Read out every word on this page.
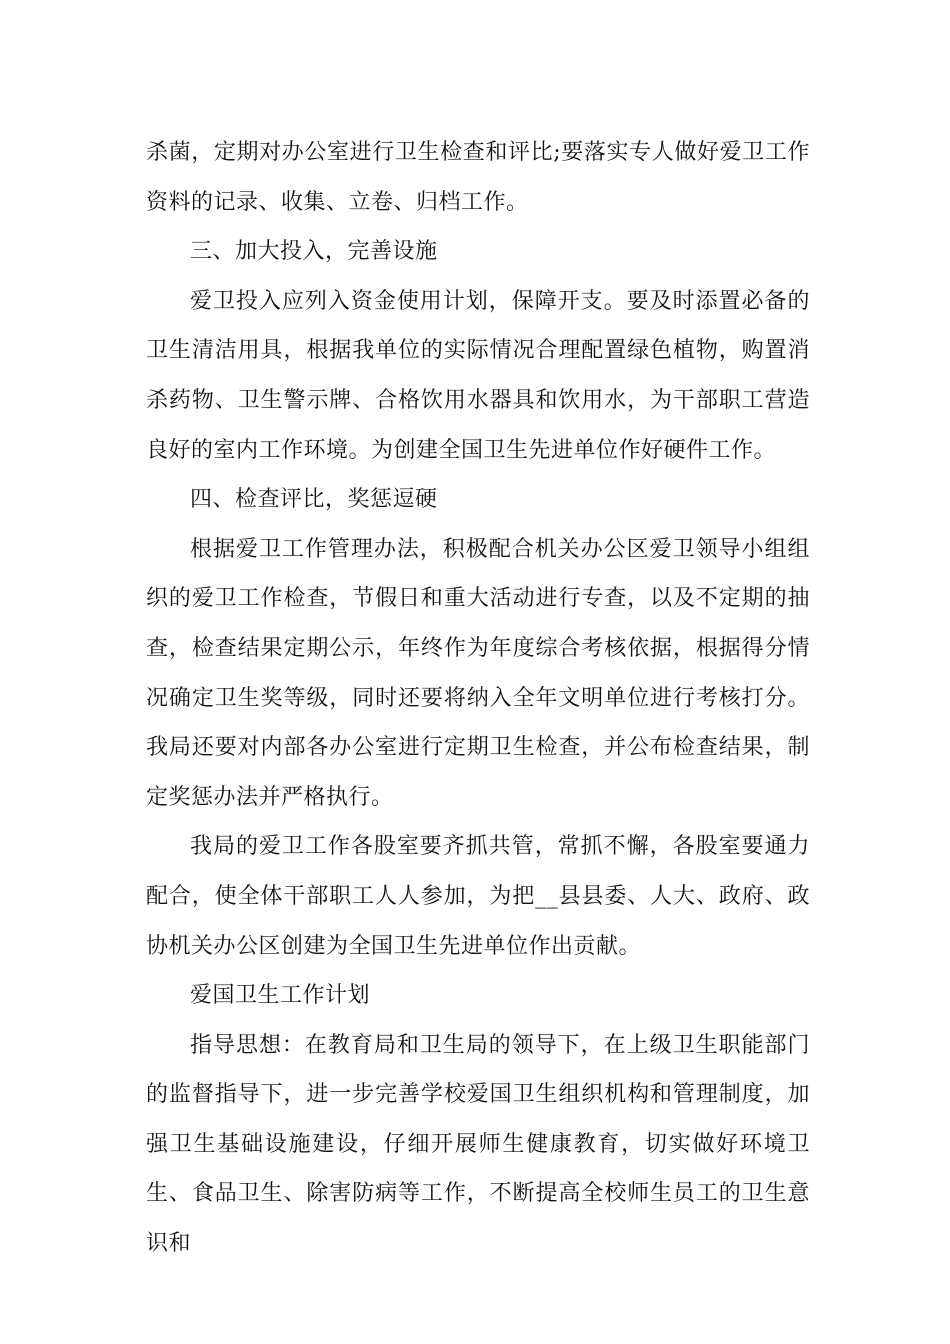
杀菌，定期对办公室进行卫生检查和评比;要落实专人做好爱卫工作资料的记录、收集、立卷、归档工作。

三、加大投入，完善设施

爱卫投入应列入资金使用计划，保障开支。要及时添置必备的卫生清洁用具，根据我单位的实际情况合理配置绿色植物，购置消杀药物、卫生警示牌、合格饮用水器具和饮用水，为干部职工营造良好的室内工作环境。为创建全国卫生先进单位作好硬件工作。

四、检查评比，奖惩逗硬

根据爱卫工作管理办法，积极配合机关办公区爱卫领导小组组织的爱卫工作检查，节假日和重大活动进行专查，以及不定期的抽查，检查结果定期公示，年终作为年度综合考核依据，根据得分情况确定卫生奖等级，同时还要将纳入全年文明单位进行考核打分。我局还要对内部各办公室进行定期卫生检查，并公布检查结果，制定奖惩办法并严格执行。

我局的爱卫工作各股室要齐抓共管，常抓不懈，各股室要通力配合，使全体干部职工人人参加，为把__县县委、人大、政府、政协机关办公区创建为全国卫生先进单位作出贡献。

爱国卫生工作计划

指导思想：在教育局和卫生局的领导下，在上级卫生职能部门的监督指导下，进一步完善学校爱国卫生组织机构和管理制度，加强卫生基础设施建设，仔细开展师生健康教育，切实做好环境卫生、食品卫生、除害防病等工作，不断提高全校师生员工的卫生意识和
